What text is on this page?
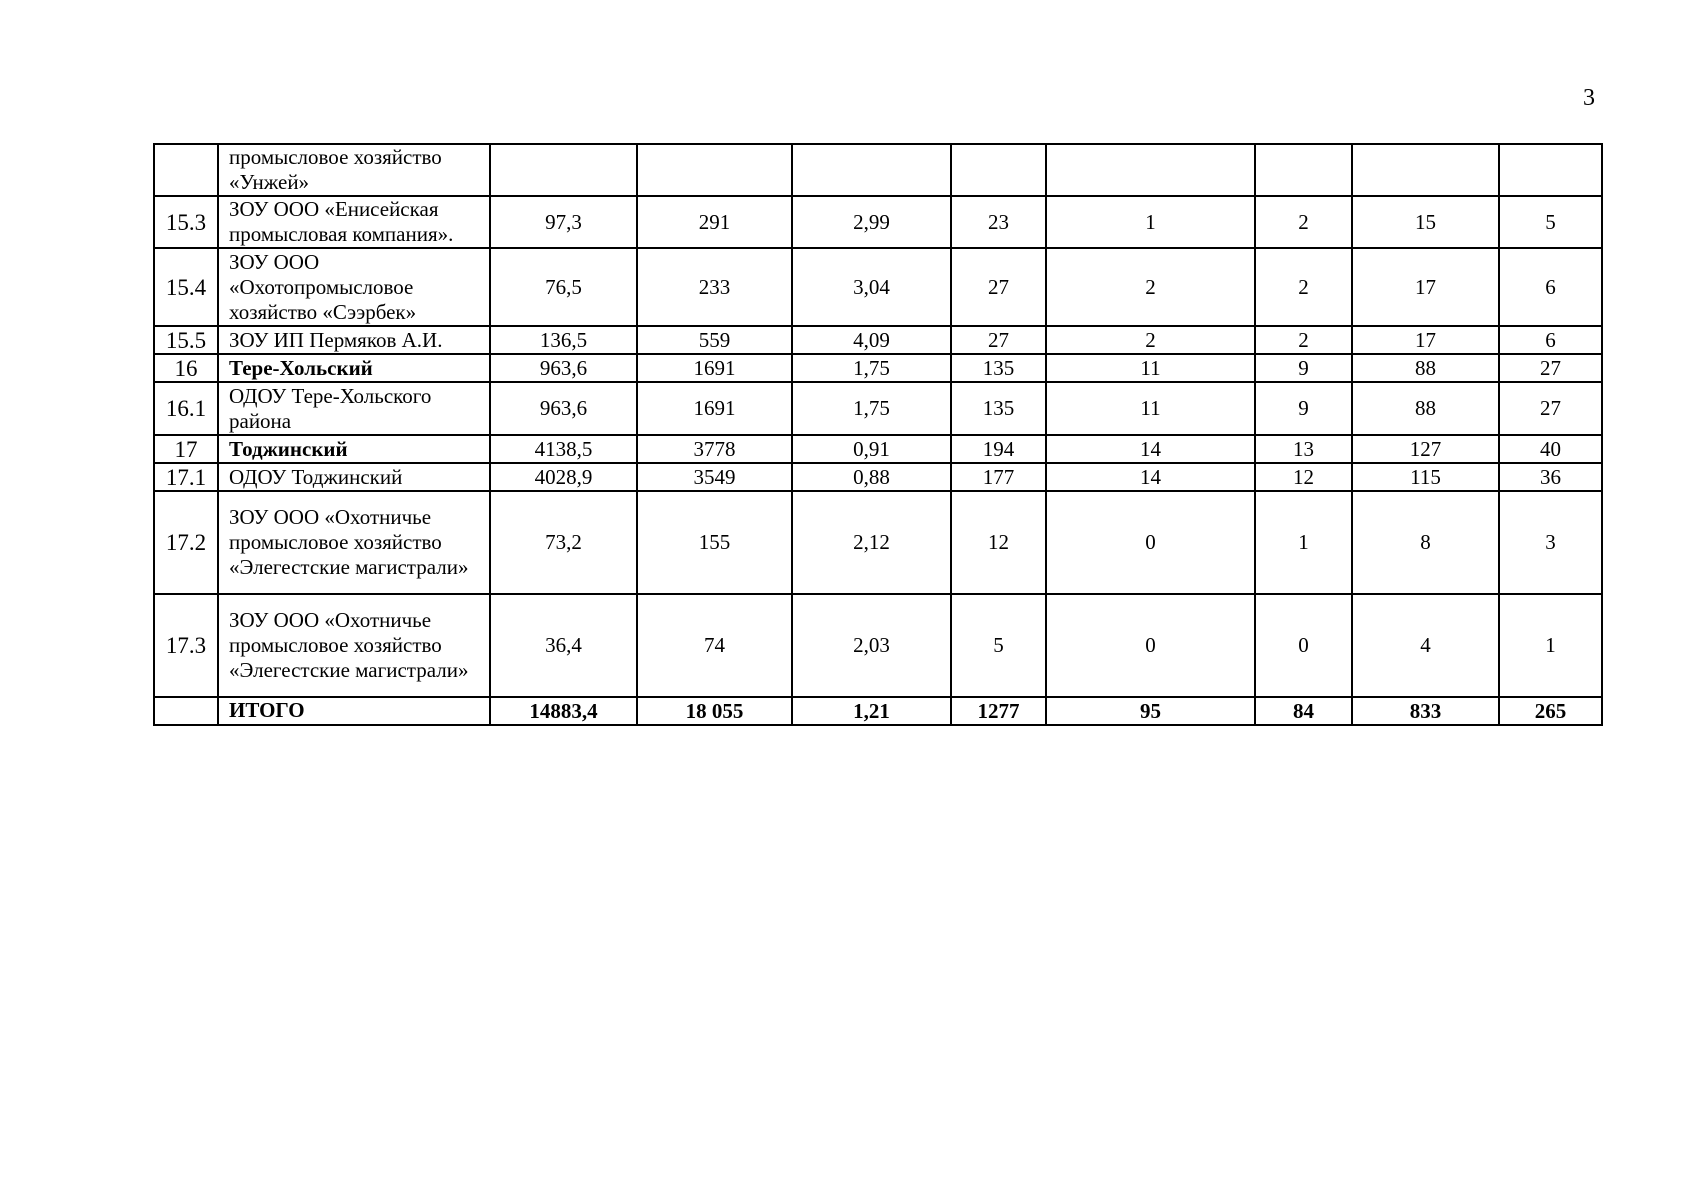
3
	промысловое хозяйство «Унжей»								
15.3	ЗОУ ООО «Енисейская промысловая компания».	97,3	291	2,99	23	1	2	15	5
15.4	ЗОУ ООО «Охотопромысловое хозяйство «Сээрбек»	76,5	233	3,04	27	2	2	17	6
15.5	ЗОУ ИП Пермяков А.И.	136,5	559	4,09	27	2	2	17	6
16	Тере-Хольский	963,6	1691	1,75	135	11	9	88	27
16.1	ОДОУ Тере-Хольского района	963,6	1691	1,75	135	11	9	88	27
17	Тоджинский	4138,5	3778	0,91	194	14	13	127	40
17.1	ОДОУ Тоджинский	4028,9	3549	0,88	177	14	12	115	36
17.2	ЗОУ ООО «Охотничье промысловое хозяйство «Элегестские магистрали»	73,2	155	2,12	12	0	1	8	3
17.3	ЗОУ ООО «Охотничье промысловое хозяйство «Элегестские магистрали»	36,4	74	2,03	5	0	0	4	1
	ИТОГО	14883,4	18 055	1,21	1277	95	84	833	265
